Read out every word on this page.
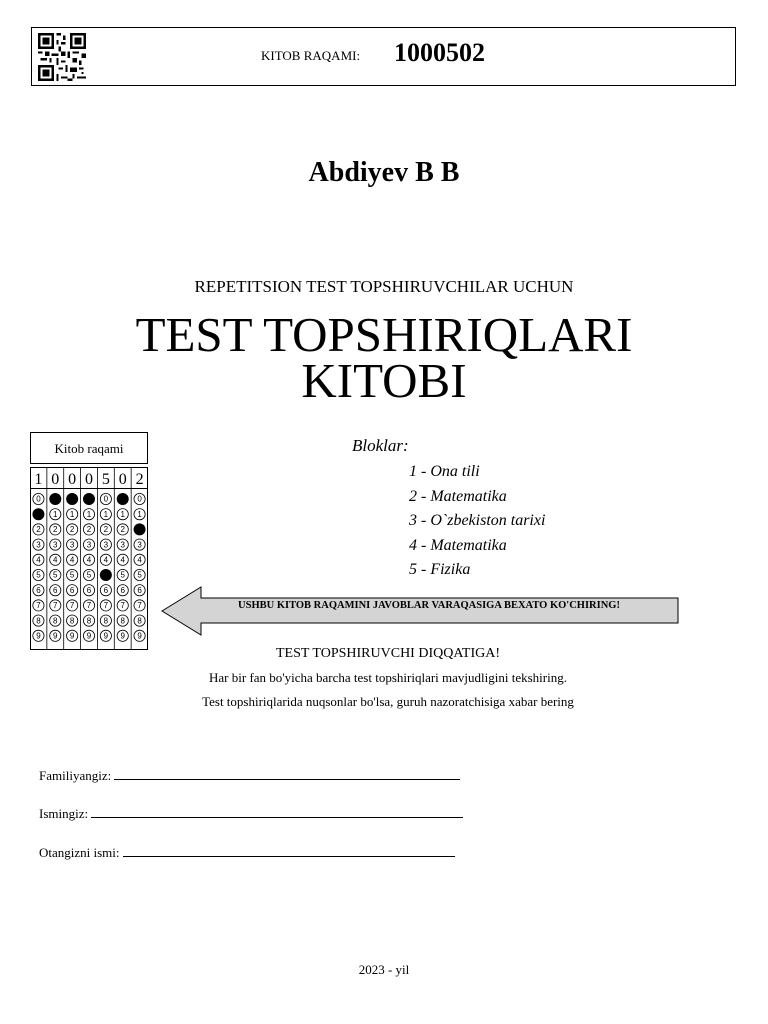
KITOB RAQAMI: 1000502
Abdiyev B B
REPETITSION TEST TOPSHIRUVCHILAR UCHUN
TEST TOPSHIRIQLARI
KITOBI
Kitob raqami
1
0
2
3
4
5
6
7
8
9
0
1
2
3
4
5
6
7
8
9
0
1
2
3
4
5
6
7
8
9
0
1
2
3
4
5
6
7
8
9
5
0
1
2
3
4
6
7
8
9
0
1
2
3
4
5
6
7
8
9
2
0
1
3
4
5
6
7
8
9
Bloklar:
1 - Ona tili
2 - Matematika
3 - O`zbekiston tarixi
4 - Matematika
5 - Fizika
USHBU KITOB RAQAMINI JAVOBLAR VARAQASIGA BEXATO KO'CHIRING!
TEST TOPSHIRUVCHI DIQQATIGA!
Har bir fan bo'yicha barcha test topshiriqlari mavjudligini tekshiring.
Test topshiriqlarida nuqsonlar bo'lsa, guruh nazoratchisiga xabar bering
Familiyangiz:
Ismingiz:
Otangizni ismi:
2023 - yil
